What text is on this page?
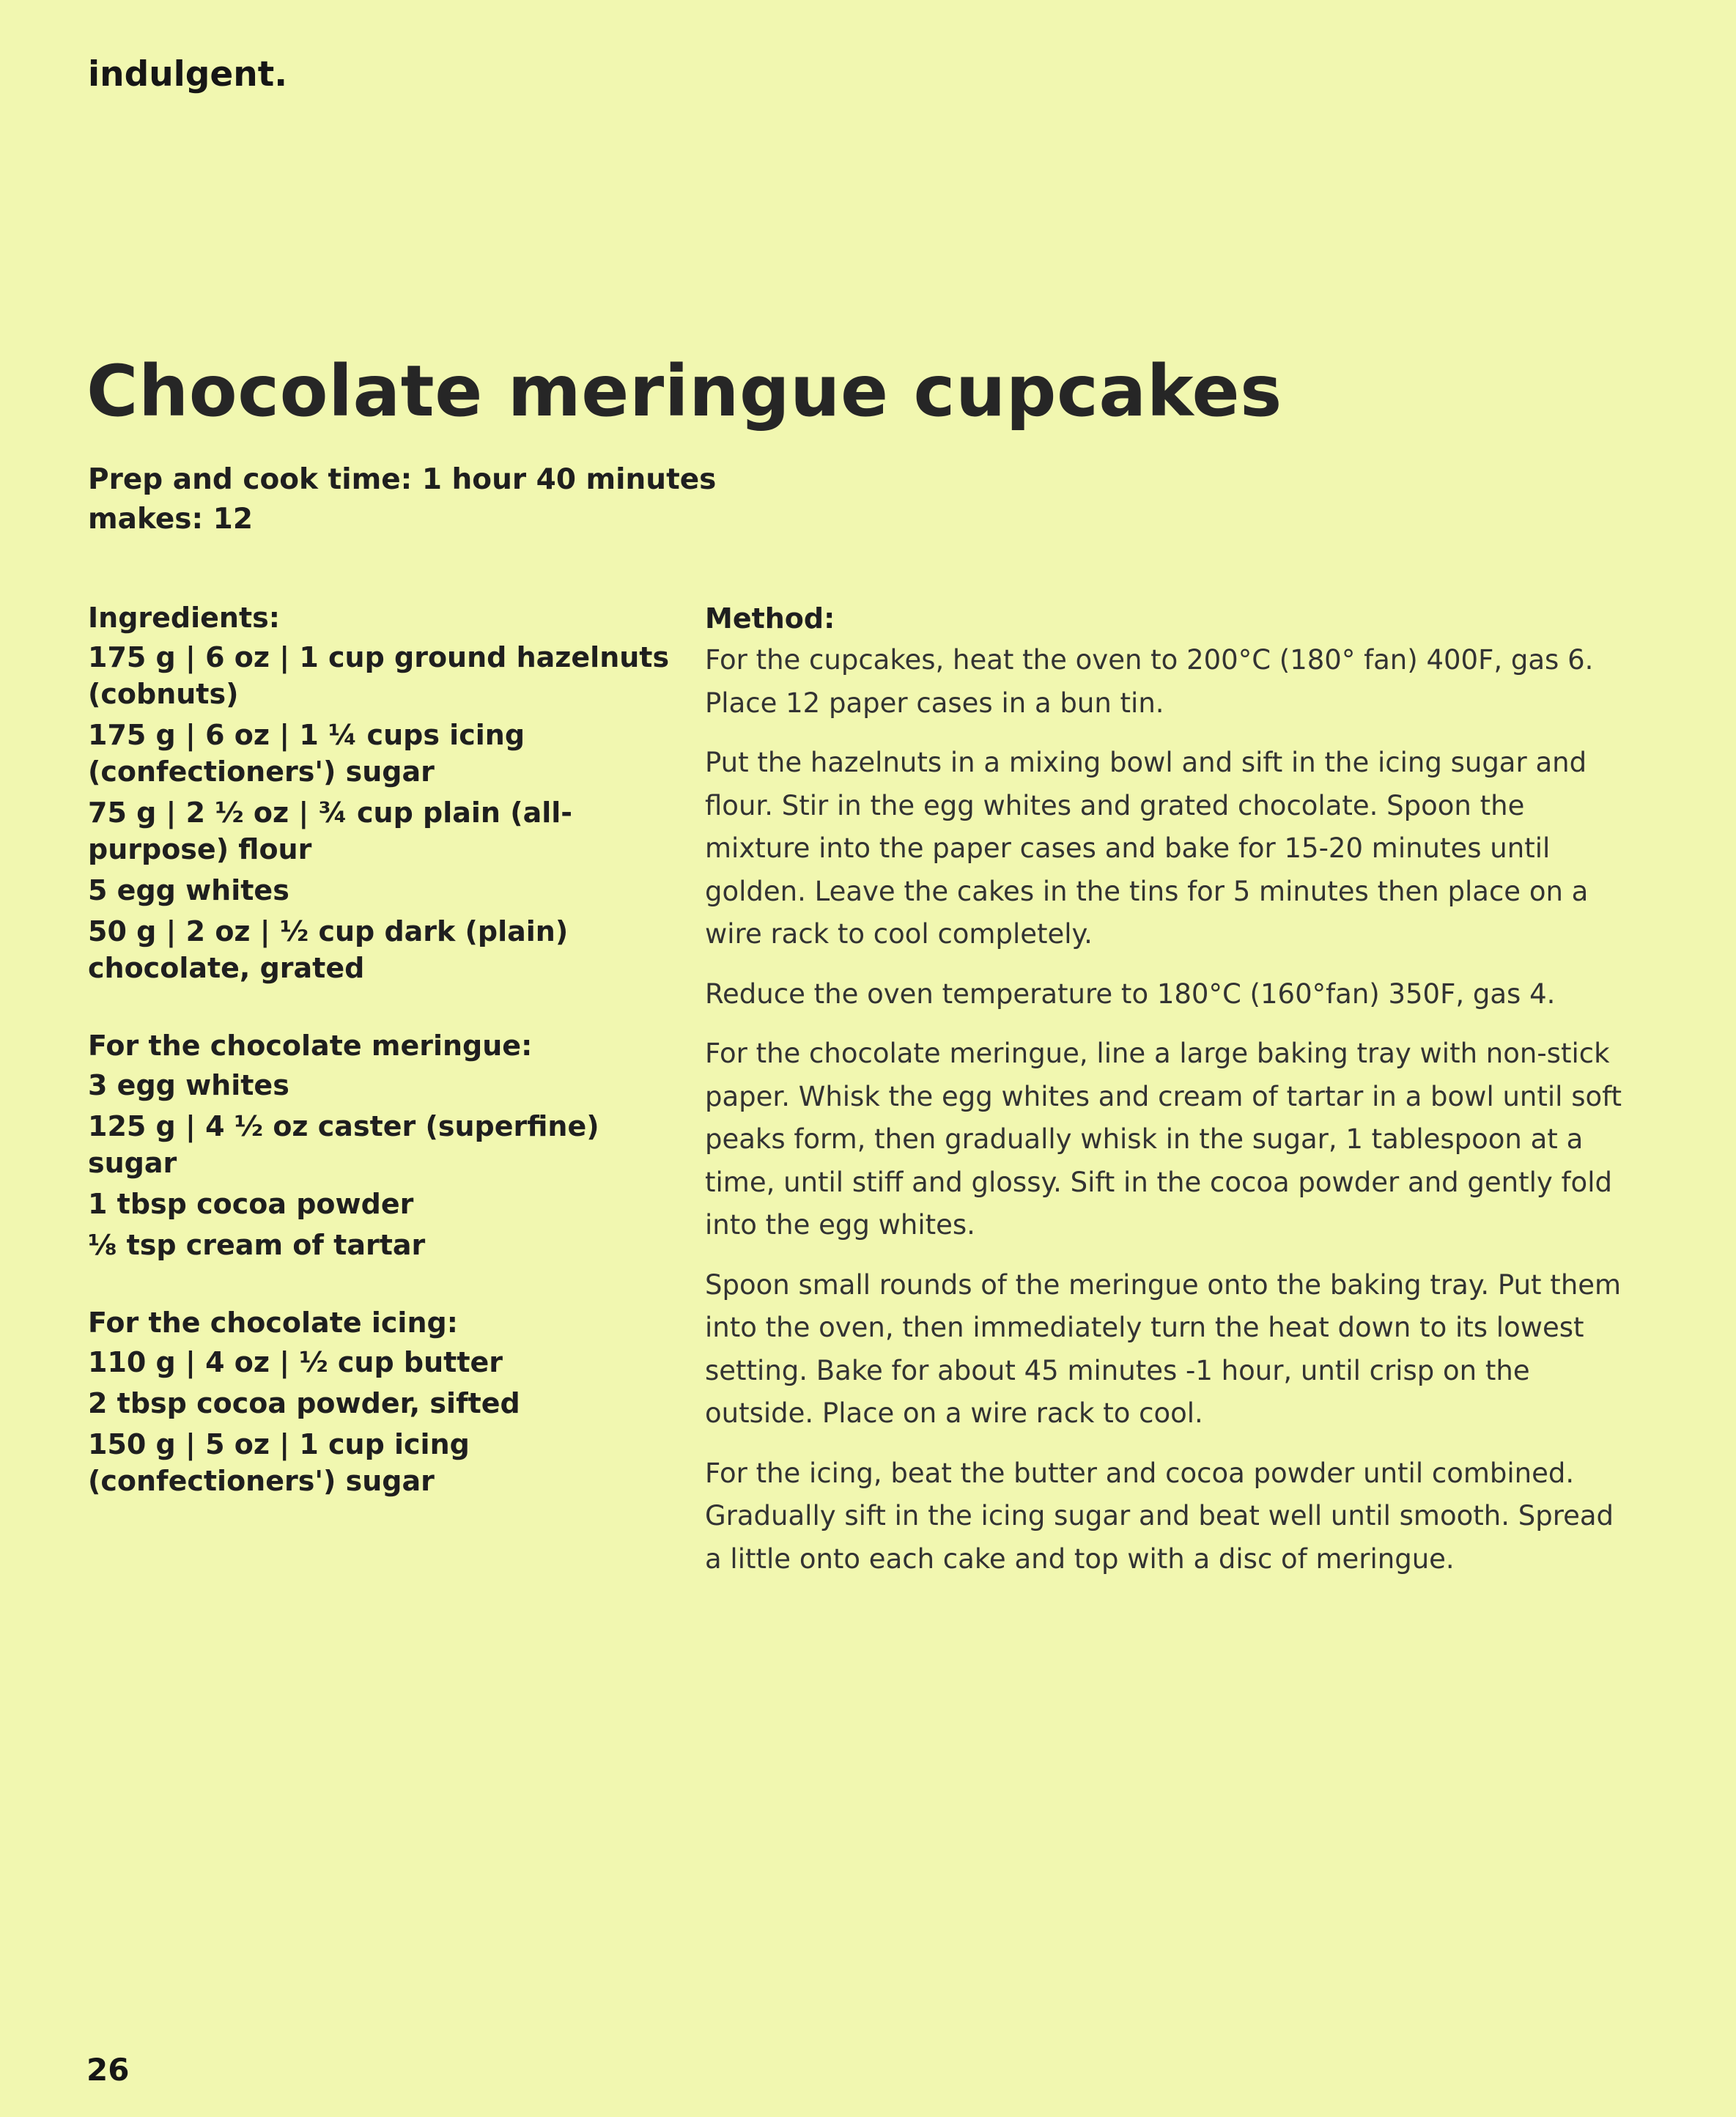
indulgent.
Chocolate meringue cupcakes
Prep and cook time: 1 hour 40 minutes
makes: 12
Ingredients:
175 g | 6 oz | 1 cup ground hazelnuts (cobnuts)
175 g | 6 oz | 1 ¼ cups icing (confectioners') sugar
75 g | 2 ½ oz | ¾ cup plain (all-purpose) flour
5 egg whites
50 g | 2 oz | ½ cup dark (plain) chocolate, grated
For the chocolate meringue:
3 egg whites
125 g | 4 ½ oz caster (superfine) sugar
1 tbsp cocoa powder
⅛ tsp cream of tartar
For the chocolate icing:
110 g | 4 oz | ½ cup butter
2 tbsp cocoa powder, sifted
150 g | 5 oz | 1 cup icing (confectioners') sugar
Method:

For the cupcakes, heat the oven to 200°C (180° fan) 400F, gas 6. Place 12 paper cases in a bun tin.

Put the hazelnuts in a mixing bowl and sift in the icing sugar and flour. Stir in the egg whites and grated chocolate. Spoon the mixture into the paper cases and bake for 15-20 minutes until golden. Leave the cakes in the tins for 5 minutes then place on a wire rack to cool completely.

Reduce the oven temperature to 180°C (160°fan) 350F, gas 4.

For the chocolate meringue, line a large baking tray with non-stick paper. Whisk the egg whites and cream of tartar in a bowl until soft peaks form, then gradually whisk in the sugar, 1 tablespoon at a time, until stiff and glossy. Sift in the cocoa powder and gently fold into the egg whites.

Spoon small rounds of the meringue onto the baking tray. Put them into the oven, then immediately turn the heat down to its lowest setting. Bake for about 45 minutes -1 hour, until crisp on the outside. Place on a wire rack to cool.

For the icing, beat the butter and cocoa powder until combined. Gradually sift in the icing sugar and beat well until smooth. Spread a little onto each cake and top with a disc of meringue.

26
